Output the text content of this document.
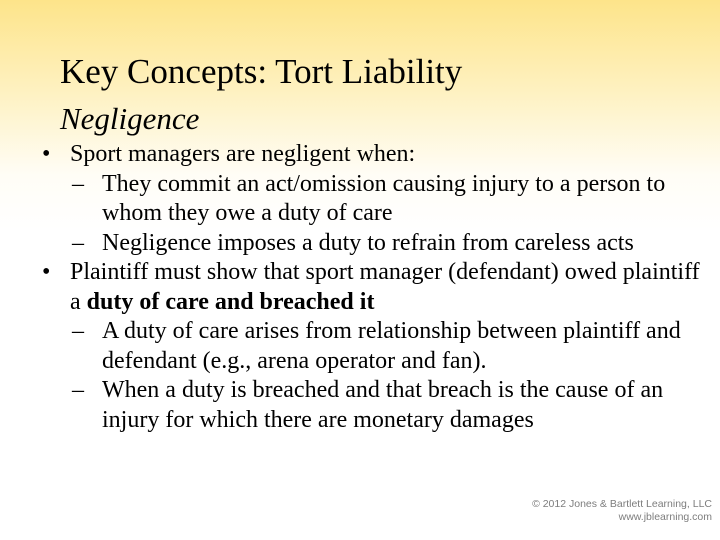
Key Concepts: Tort Liability
Negligence
• Sport managers are negligent when:
– They commit an act/omission causing injury to a person to whom they owe a duty of care
– Negligence imposes a duty to refrain from careless acts
• Plaintiff must show that sport manager (defendant) owed plaintiff a duty of care and breached it
– A duty of care arises from relationship between plaintiff and defendant (e.g., arena operator and fan).
– When a duty is breached and that breach is the cause of an injury for which there are monetary damages
© 2012 Jones & Bartlett Learning, LLC
www.jblearning.com
